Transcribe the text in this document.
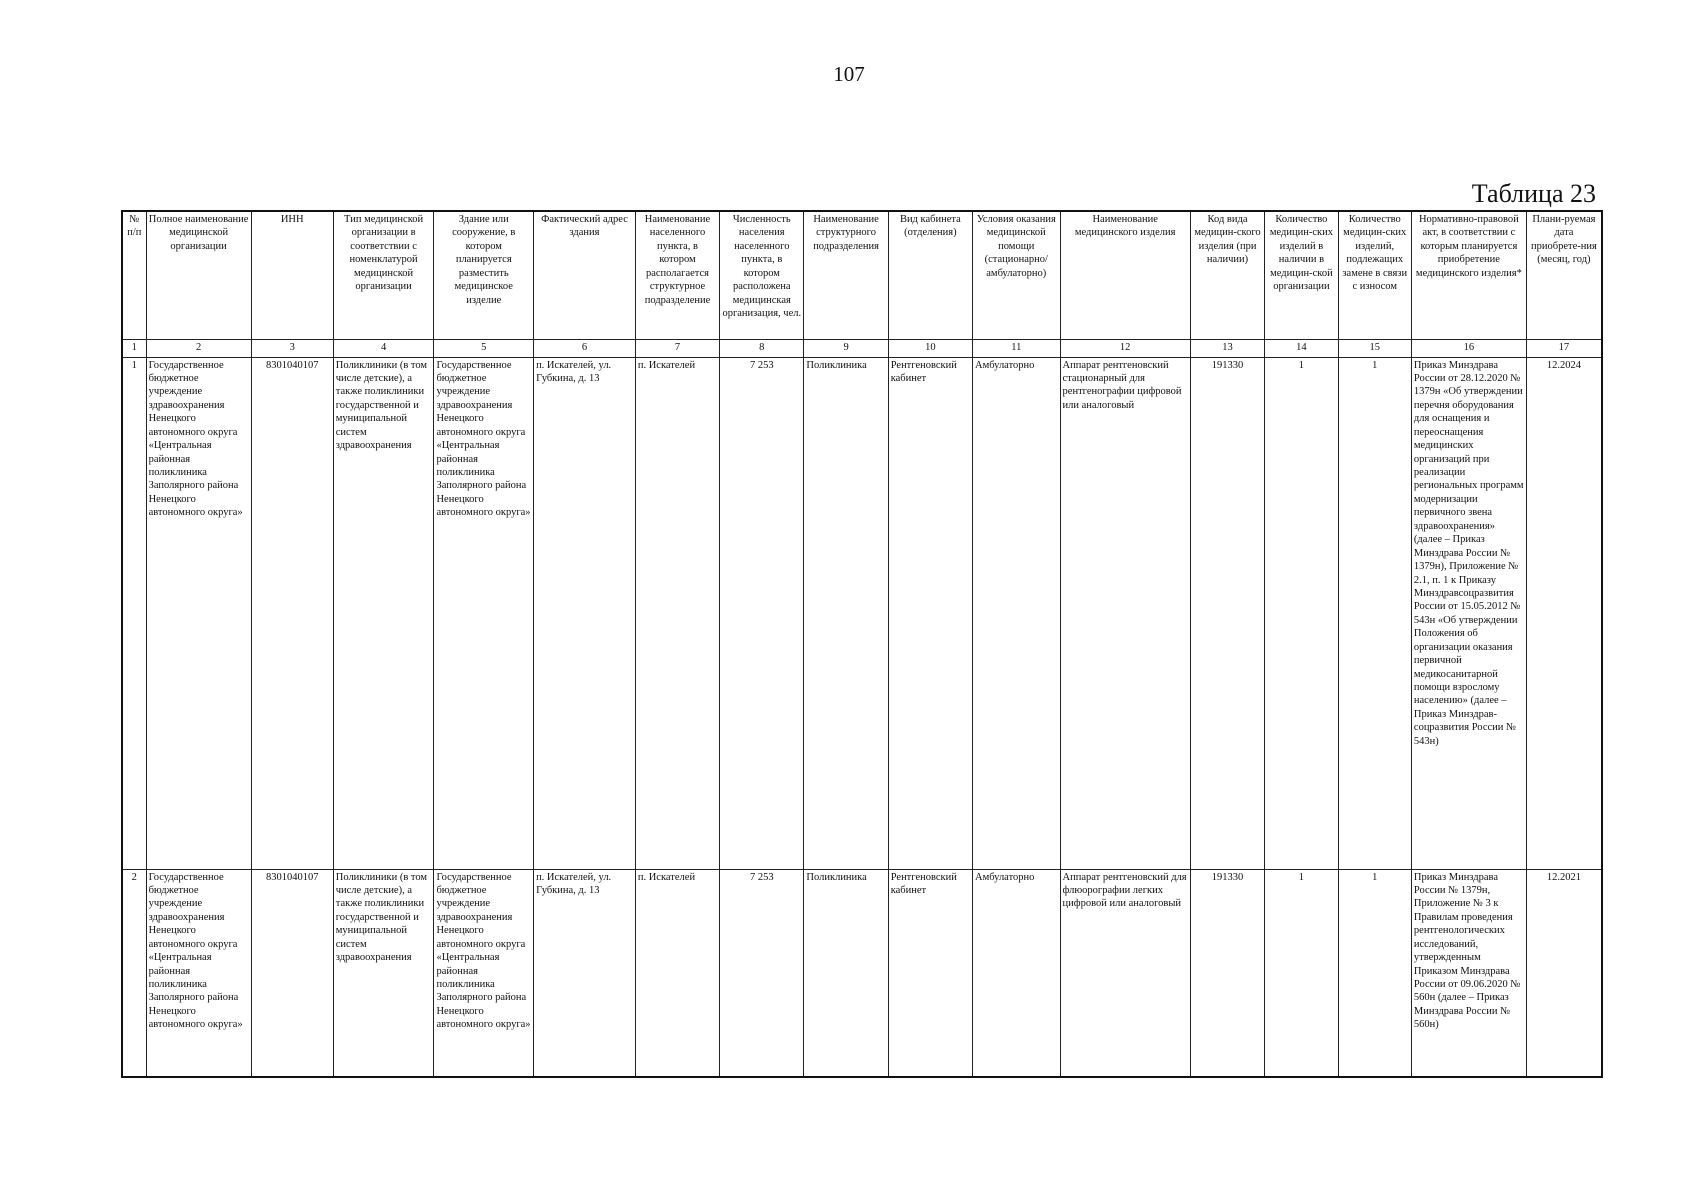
107
Таблица 23
№ п/п	Полное наименование медицинской организации	ИНН	Тип медицинской организации в соответствии с номенклатурой медицинской организации	Здание или сооружение, в котором планируется разместить медицинское изделие	Фактический адрес здания	Наименование населенного пункта, в котором располагается структурное подразделение	Численность населения населенного пункта, в котором расположена медицинская организация, чел.	Наименование структурного подразделения	Вид кабинета (отделения)	Условия оказания медицинской помощи (стационарно/ амбулаторно)	Наименование медицинского изделия	Код вида медицин-ского изделия (при наличии)	Количество медицин-ских изделий в наличии в медицин-ской организации	Количество медицин-ских изделий, подлежащих замене в связи с износом	Нормативно-правовой акт, в соответствии с которым планируется приобретение медицинского изделия*	Плани-руемая дата приобрете-ния (месяц, год)
1	2	3	4	5	6	7	8	9	10	11	12	13	14	15	16	17
1	Государственное бюджетное учреждение здравоохранения Ненецкого автономного округа «Центральная районная поликлиника Заполярного района Ненецкого автономного округа»	8301040107	Поликлиники (в том числе детские), а также поликлиники государственной и муниципальной систем здравоохранения	Государственное бюджетное учреждение здравоохранения Ненецкого автономного округа «Центральная районная поликлиника Заполярного района Ненецкого автономного округа»	п. Искателей, ул. Губкина, д. 13	п. Искателей	7 253	Поликлиника	Рентгеновский кабинет	Амбулаторно	Аппарат рентгеновский стационарный для рентгенографии цифровой или аналоговый	191330	1	1	Приказ Минздрава России от 28.12.2020 № 1379н «Об утверждении перечня оборудования для оснащения и переоснащения медицинских организаций при реализации региональных программ модернизации первичного звена здравоохранения» (далее – Приказ Минздрава России № 1379н), Приложение № 2.1, п. 1 к Приказу Минздравсоцразвития России от 15.05.2012 № 543н «Об утверждении Положения об организации оказания первичной медикосанитарной помощи взрослому населению» (далее – Приказ Минздрав-соцразвития России № 543н)	12.2024
2	Государственное бюджетное учреждение здравоохранения Ненецкого автономного округа «Центральная районная поликлиника Заполярного района Ненецкого автономного округа»	8301040107	Поликлиники (в том числе детские), а также поликлиники государственной и муниципальной систем здравоохранения	Государственное бюджетное учреждение здравоохранения Ненецкого автономного округа «Центральная районная поликлиника Заполярного района Ненецкого автономного округа»	п. Искателей, ул. Губкина, д. 13	п. Искателей	7 253	Поликлиника	Рентгеновский кабинет	Амбулаторно	Аппарат рентгеновский для флюорографии легких цифровой или аналоговый	191330	1	1	Приказ Минздрава России № 1379н, Приложение № 3 к Правилам проведения рентгенологических исследований, утвержденным Приказом Минздрава России от 09.06.2020 № 560н (далее – Приказ Минздрава России № 560н)	12.2021
